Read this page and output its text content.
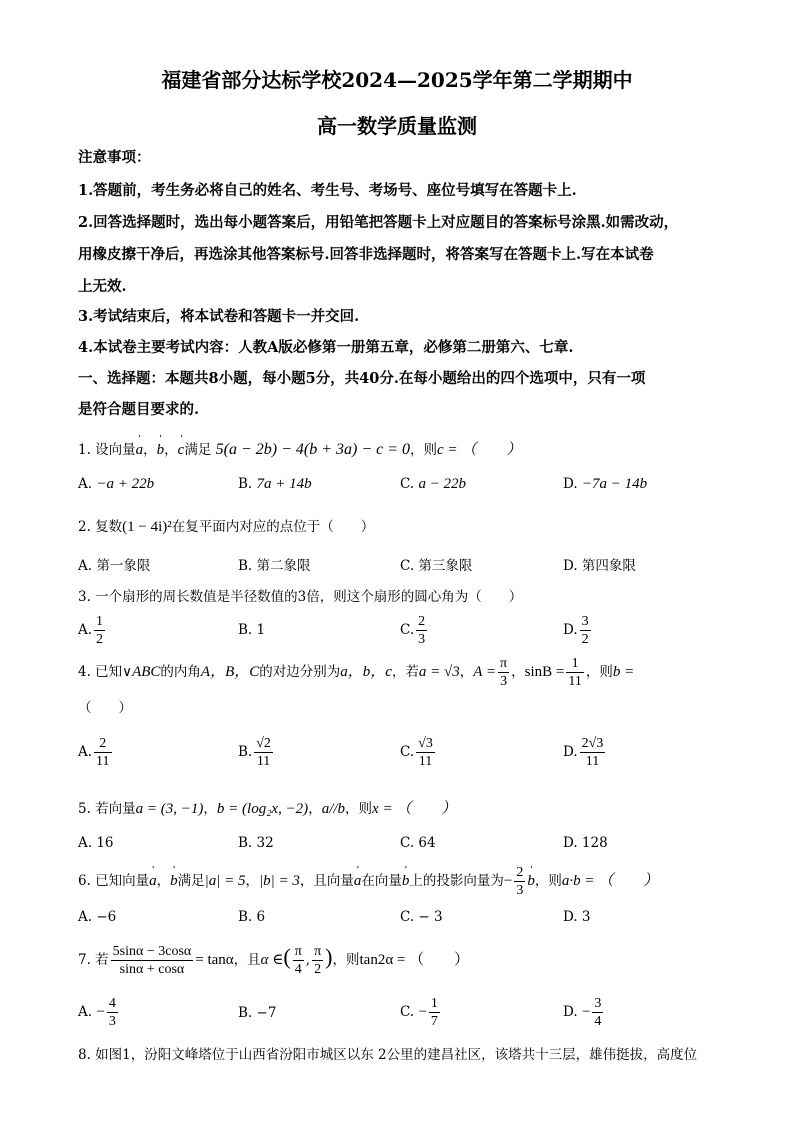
福建省部分达标学校2024—2025学年第二学期期中
高一数学质量监测
注意事项：
1.答题前，考生务必将自己的姓名、考生号、考场号、座位号填写在答题卡上.
2.回答选择题时，选出每小题答案后，用铅笔把答题卡上对应题目的答案标号涂黑.如需改动，
用橡皮擦干净后，再选涂其他答案标号.回答非选择题时，将答案写在答题卡上.写在本试卷
上无效.
3.考试结束后，将本试卷和答题卡一并交回.
4.本试卷主要考试内容：人教A版必修第一册第五章，必修第二册第六、七章.
一、选择题：本题共8小题，每小题5分，共40分.在每小题给出的四个选项中，只有一项
是符合题目要求的.
1. 设向量' a，' b，' c满足 5(a − 2b) − 4(b + 3a) − c = 0，则c = （　　）
A. −a + 22b	B. 7a + 14b	C. a − 22b	D. −7a − 14b
2. 复数(1 − 4i)²在复平面内对应的点位于（　　）
A. 第一象限	B. 第二象限	C. 第三象限	D. 第四象限
3. 一个扇形的周长数值是半径数值的3倍，则这个扇形的圆心角为（　　）
A. $\frac{1}{2}$	B. 1	C. $\frac{2}{3}$	D. $\frac{3}{2}$
4. 已知∨ABC的内角A，B，C的对边分别为a，b，c，若a = √3，$A = \frac{\pi}{3}$ ，$\sin B = \frac{1}{11}$ ，则b =
（　　）
A. $\frac{2}{11}$	B. $\frac{√2}{11}$	C. $\frac{√3}{11}$	D. $\frac{2√3}{11}$
5. 若向量a = (3, −1)，b = (log₂x, −2)，a//b，则x = （　　）
A. 16	B. 32	C. 64	D. 128
6. 已知向量' a，' b满足|a| = 5，|b| = 3，且向量' a在向量' b上的投影向量为− $\frac{2}{3}$
' b，则a·b = （　　）
A. −6	B. 6	C. − 3	D. 3
7. 若 $\frac{5\sin\alpha - 3\cos\alpha}{\sin\alpha + \cos\alpha} = \tan\alpha$，且α ∈( $\frac{\pi}{4}$ , $\frac{\pi}{2}$ )，则tan2α = （　　）
A. − $\frac{4}{3}$	B. −7	C. − $\frac{1}{7}$	D. − $\frac{3}{4}$
8. 如图1，汾阳文峰塔位于山西省汾阳市城区以东 2公里的建昌社区，该塔共十三层，雄伟挺拔，高度位
